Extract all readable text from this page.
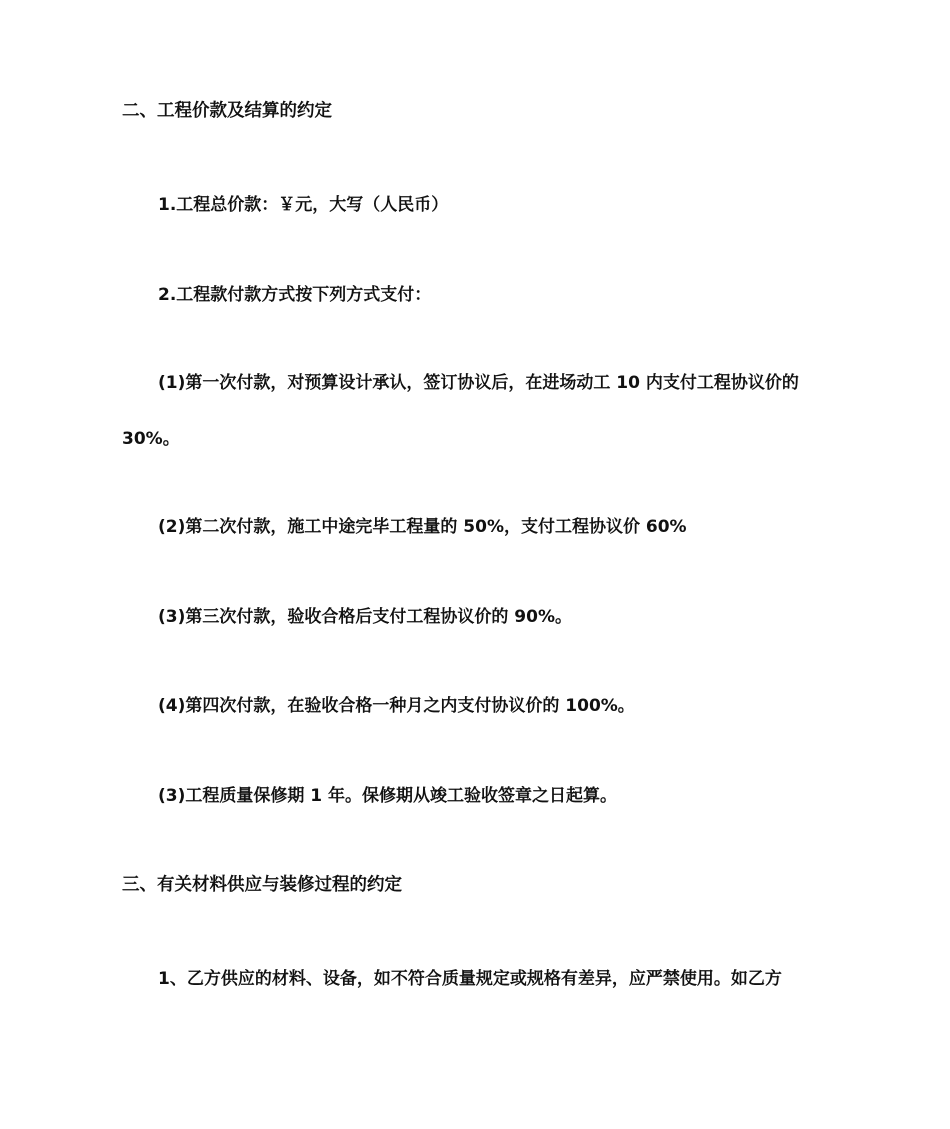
二、工程价款及结算的约定
1.工程总价款：￥元，大写（人民币）
2.工程款付款方式按下列方式支付：
(1)第一次付款，对预算设计承认，签订协议后，在进场动工 10 内支付工程协议价的
30%。
(2)第二次付款，施工中途完毕工程量的 50%，支付工程协议价 60%
(3)第三次付款，验收合格后支付工程协议价的 90%。
(4)第四次付款，在验收合格一种月之内支付协议价的 100%。
(3)工程质量保修期 1 年。保修期从竣工验收签章之日起算。
三、有关材料供应与装修过程的约定
1、乙方供应的材料、设备，如不符合质量规定或规格有差异，应严禁使用。如乙方
